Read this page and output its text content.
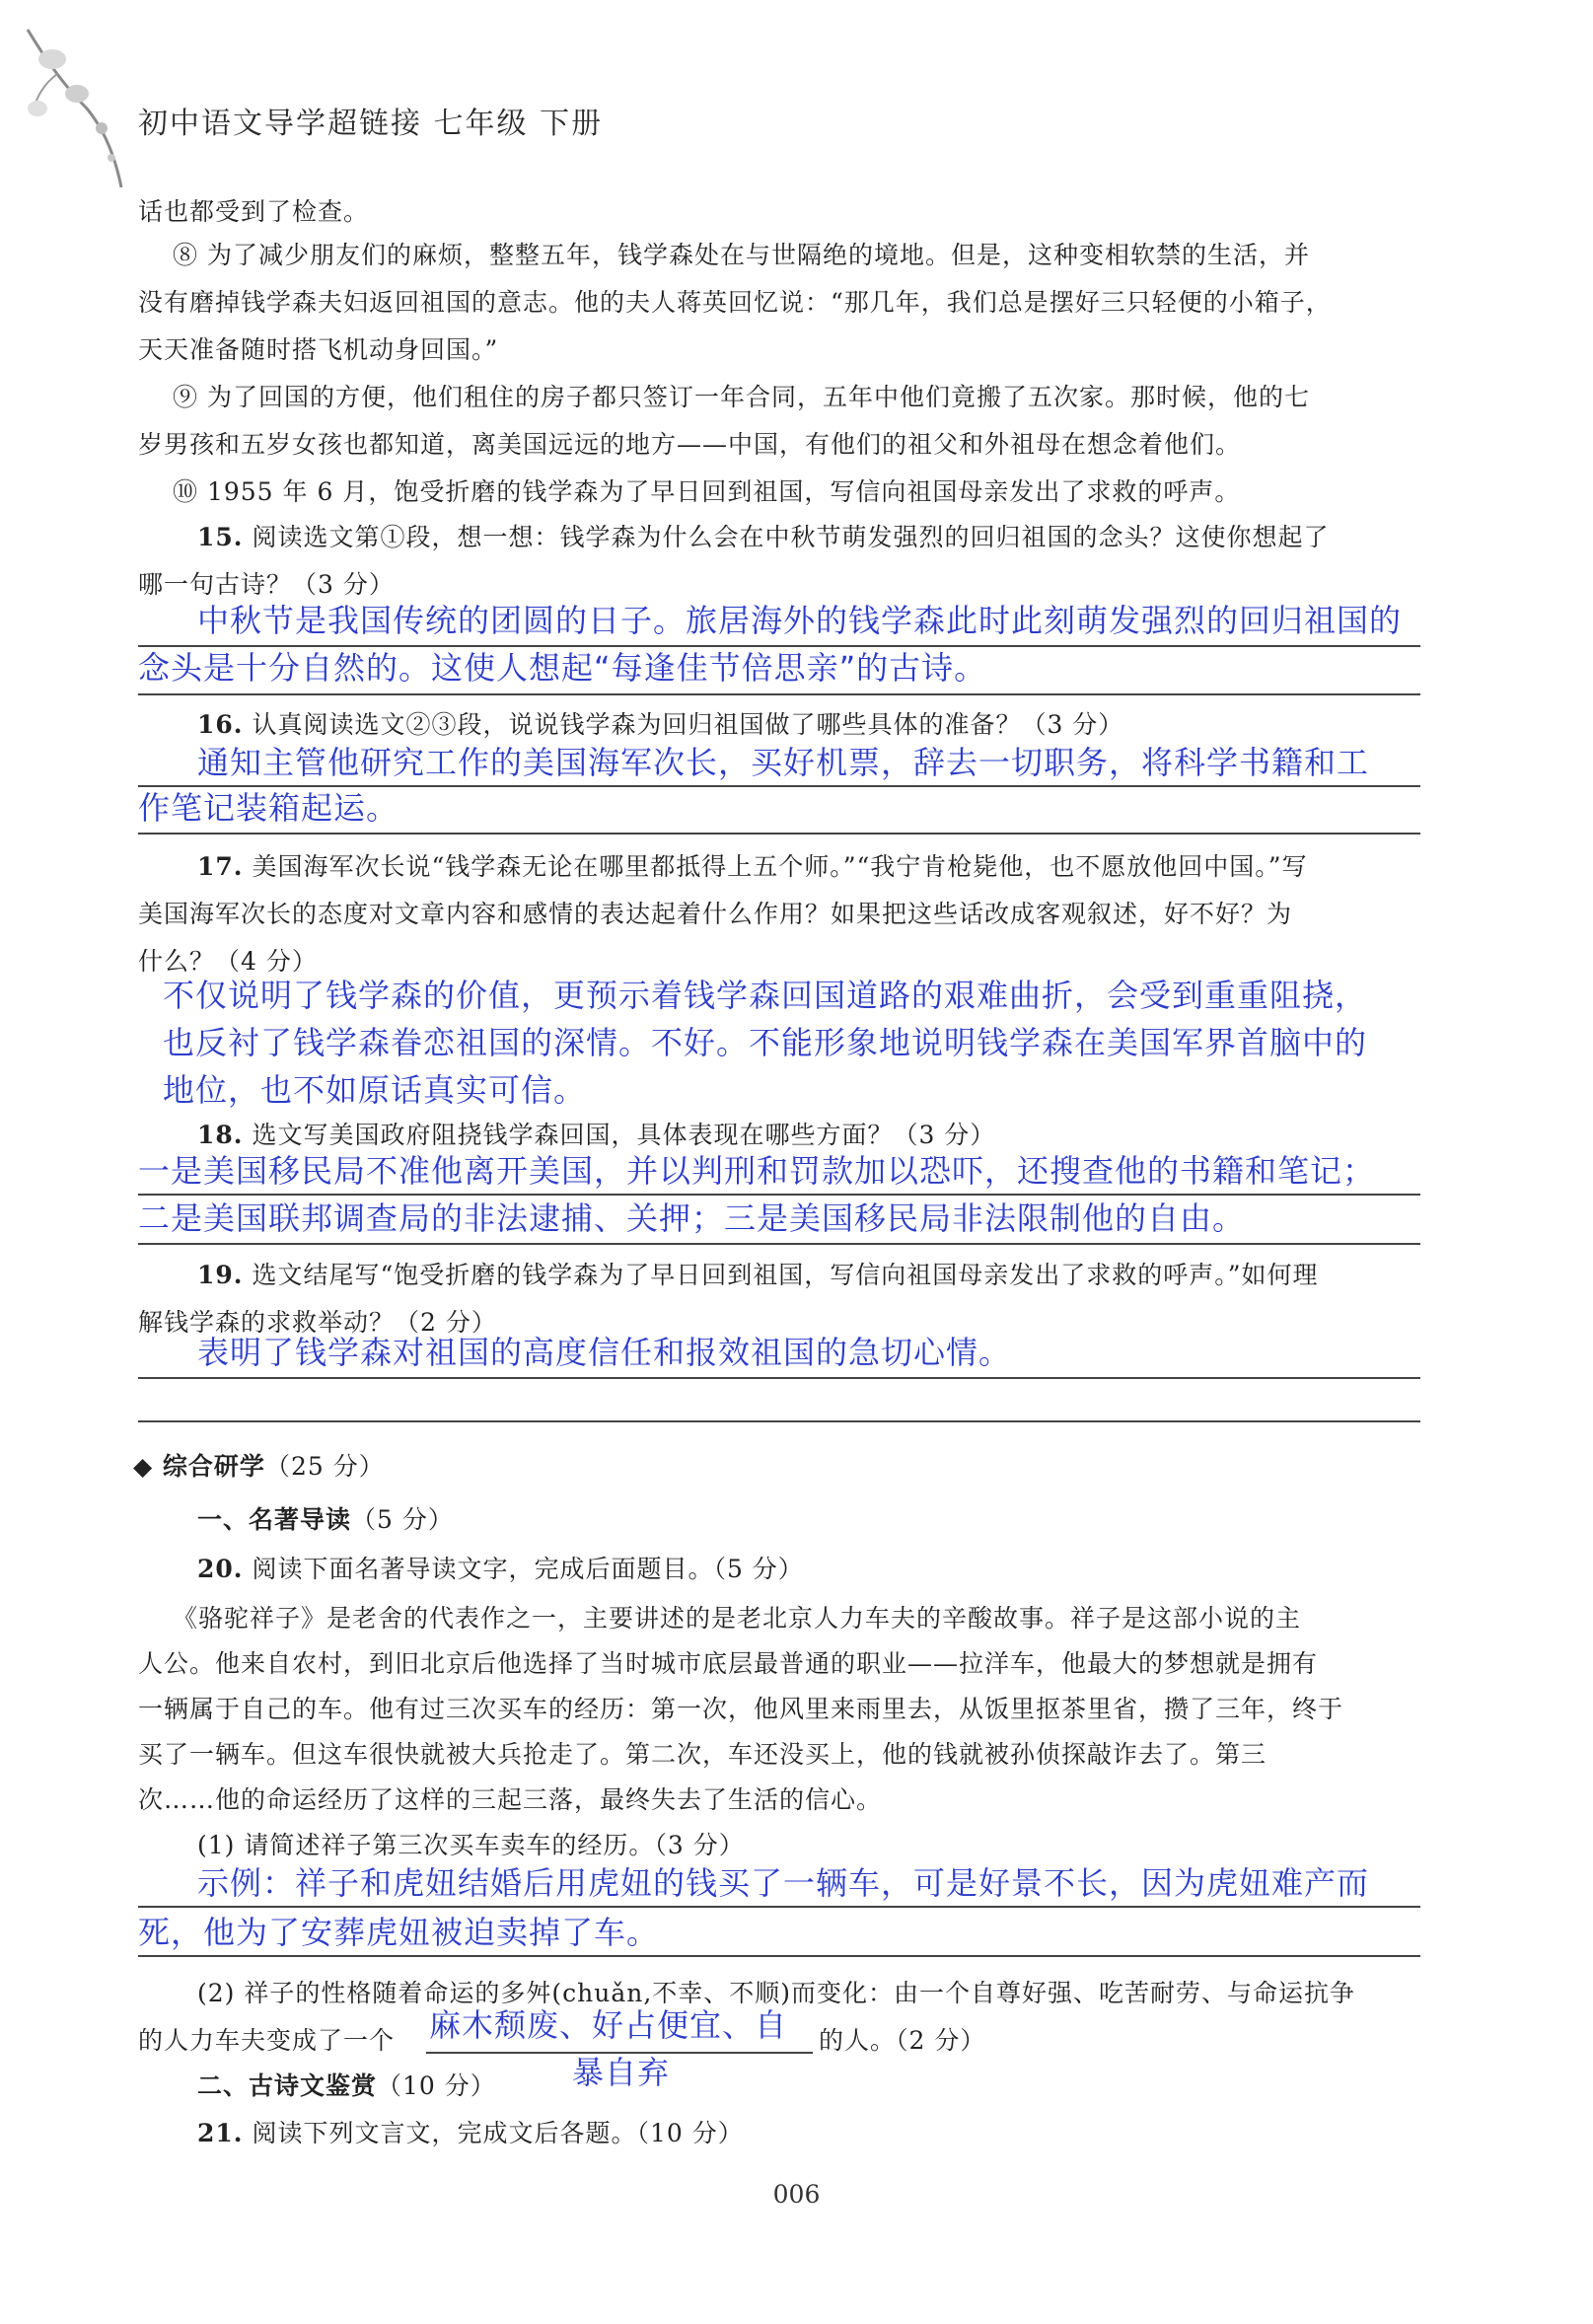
初中语文导学超链接 七年级 下册
话也都受到了检查。
⑧ 为了减少朋友们的麻烦，整整五年，钱学森处在与世隔绝的境地。但是，这种变相软禁的生活，并
没有磨掉钱学森夫妇返回祖国的意志。他的夫人蒋英回忆说：“那几年，我们总是摆好三只轻便的小箱子，
天天准备随时搭飞机动身回国。”
⑨ 为了回国的方便，他们租住的房子都只签订一年合同，五年中他们竟搬了五次家。那时候，他的七
岁男孩和五岁女孩也都知道，离美国远远的地方——中国，有他们的祖父和外祖母在想念着他们。
⑩ 1955 年 6 月，饱受折磨的钱学森为了早日回到祖国，写信向祖国母亲发出了求救的呼声。
15. 阅读选文第①段，想一想：钱学森为什么会在中秋节萌发强烈的回归祖国的念头？这使你想起了
哪一句古诗？（3 分）
中秋节是我国传统的团圆的日子。旅居海外的钱学森此时此刻萌发强烈的回归祖国的
念头是十分自然的。这使人想起“每逢佳节倍思亲”的古诗。
16. 认真阅读选文②③段，说说钱学森为回归祖国做了哪些具体的准备？（3 分）
通知主管他研究工作的美国海军次长，买好机票，辞去一切职务，将科学书籍和工
作笔记装箱起运。
17. 美国海军次长说“钱学森无论在哪里都抵得上五个师。”“我宁肯枪毙他，也不愿放他回中国。”写
美国海军次长的态度对文章内容和感情的表达起着什么作用？如果把这些话改成客观叙述，好不好？为
什么？（4 分）
不仅说明了钱学森的价值，更预示着钱学森回国道路的艰难曲折，会受到重重阻挠，
也反衬了钱学森眷恋祖国的深情。不好。不能形象地说明钱学森在美国军界首脑中的
地位，也不如原话真实可信。
18. 选文写美国政府阻挠钱学森回国，具体表现在哪些方面？（3 分）
一是美国移民局不准他离开美国，并以判刑和罚款加以恐吓，还搜查他的书籍和笔记；
二是美国联邦调查局的非法逮捕、关押；三是美国移民局非法限制他的自由。
19. 选文结尾写“饱受折磨的钱学森为了早日回到祖国，写信向祖国母亲发出了求救的呼声。”如何理
解钱学森的求救举动？（2 分）
表明了钱学森对祖国的高度信任和报效祖国的急切心情。
◆ 综合研学（25 分）
一、名著导读（5 分）
20. 阅读下面名著导读文字，完成后面题目。（5 分）
《骆驼祥子》是老舍的代表作之一，主要讲述的是老北京人力车夫的辛酸故事。祥子是这部小说的主
人公。他来自农村，到旧北京后他选择了当时城市底层最普通的职业——拉洋车，他最大的梦想就是拥有
一辆属于自己的车。他有过三次买车的经历：第一次，他风里来雨里去，从饭里抠茶里省，攒了三年，终于
买了一辆车。但这车很快就被大兵抢走了。第二次，车还没买上，他的钱就被孙侦探敲诈去了。第三
次……他的命运经历了这样的三起三落，最终失去了生活的信心。
(1) 请简述祥子第三次买车卖车的经历。（3 分）
示例：祥子和虎妞结婚后用虎妞的钱买了一辆车，可是好景不长，因为虎妞难产而
死，他为了安葬虎妞被迫卖掉了车。
(2) 祥子的性格随着命运的多舛(chuǎn,不幸、不顺)而变化：由一个自尊好强、吃苦耐劳、与命运抗争
的人力车夫变成了一个 麻木颓废、好占便宜、自 的人。（2 分）
暴自弃
二、古诗文鉴赏（10 分）
21. 阅读下列文言文，完成文后各题。（10 分）
006
